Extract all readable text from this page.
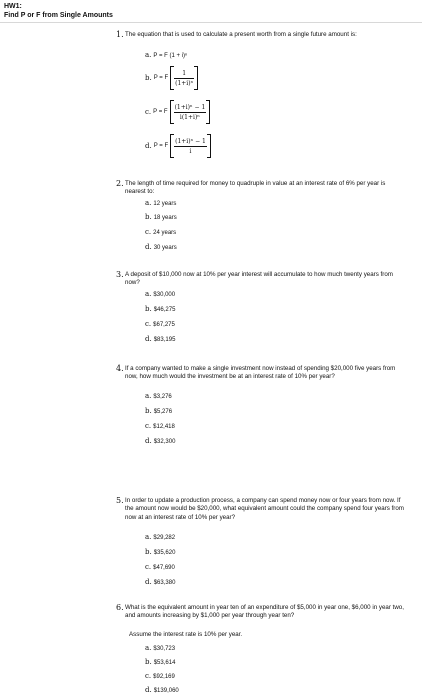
HW1:
Find P or F from Single Amounts
1. The equation that is used to calculate a present worth from a single future amount is:
a. P = F (1 + i)ⁿ
b. P = F $\frac{1}{\text{(1+i)ⁿ}}$
c. P = F $\frac{\text{(1+i)ⁿ − 1}}{\text{i(1+i)ⁿ}}$
d. P = F $\frac{\text{(1+i)ⁿ − 1}}{i}$
2. The length of time required for money to quadruple in value at an interest rate of 6% per year is nearest to:
a. 12 years
b. 18 years
c. 24 years
d. 30 years
3. A deposit of $10,000 now at 10% per year interest will accumulate to how much twenty years from now?
a. $30,000
b. $46,275
c. $67,275
d. $83,195
4. If a company wanted to make a single investment now instead of spending $20,000 five years from now, how much would the investment be at an interest rate of 10% per year?
a. $3,276
b. $5,276
c. $12,418
d. $32,300
5. In order to update a production process, a company can spend money now or four years from now. If the amount now would be $20,000, what equivalent amount could the company spend four years from now at an interest rate of 10% per year?
a. $29,282
b. $35,620
c. $47,690
d. $63,380
6. What is the equivalent amount in year ten of an expenditure of $5,000 in year one, $6,000 in year two, and amounts increasing by $1,000 per year through year ten?
Assume the interest rate is 10% per year.
a. $30,723
b. $53,614
c. $92,169
d. $139,060
